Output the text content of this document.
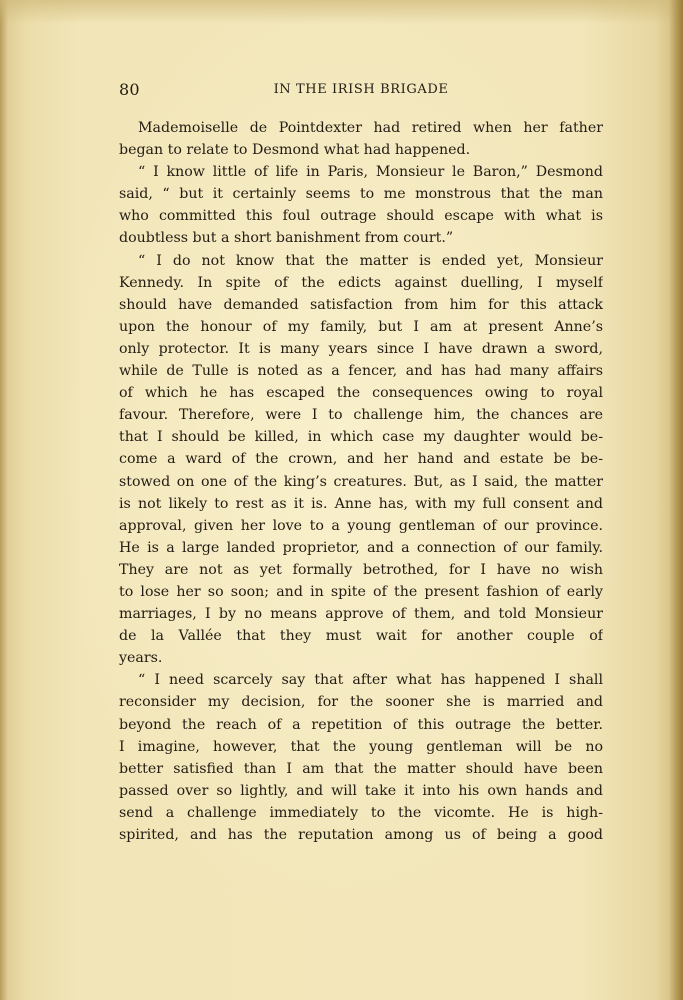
80	IN THE IRISH BRIGADE
Mademoiselle de Pointdexter had retired when her father
began to relate to Desmond what had happened.
“ I know little of life in Paris, Monsieur le Baron,” Desmond
said, “ but it certainly seems to me monstrous that the man
who committed this foul outrage should escape with what is
doubtless but a short banishment from court.”
“ I do not know that the matter is ended yet, Monsieur
Kennedy. In spite of the edicts against duelling, I myself
should have demanded satisfaction from him for this attack
upon the honour of my family, but I am at present Anne’s
only protector. It is many years since I have drawn a sword,
while de Tulle is noted as a fencer, and has had many affairs
of which he has escaped the consequences owing to royal
favour. Therefore, were I to challenge him, the chances are
that I should be killed, in which case my daughter would be-
come a ward of the crown, and her hand and estate be be-
stowed on one of the king’s creatures. But, as I said, the matter
is not likely to rest as it is. Anne has, with my full consent and
approval, given her love to a young gentleman of our province.
He is a large landed proprietor, and a connection of our family.
They are not as yet formally betrothed, for I have no wish
to lose her so soon; and in spite of the present fashion of early
marriages, I by no means approve of them, and told Monsieur
de la Vallée that they must wait for another couple of
years.
“ I need scarcely say that after what has happened I shall
reconsider my decision, for the sooner she is married and
beyond the reach of a repetition of this outrage the better.
I imagine, however, that the young gentleman will be no
better satisfied than I am that the matter should have been
passed over so lightly, and will take it into his own hands and
send a challenge immediately to the vicomte. He is high-
spirited, and has the reputation among us of being a good
